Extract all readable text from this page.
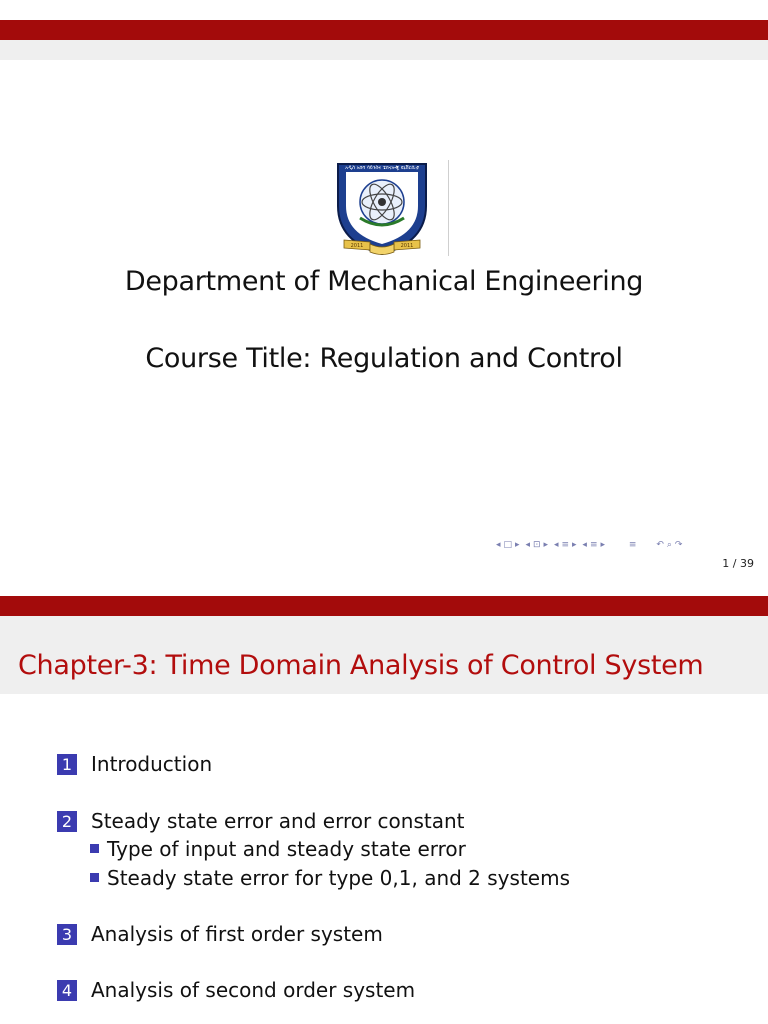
አዲስ አበባ ሳይንስና ቴክኖሎጂ ዩኒቨርሲቲ
2011	2011
Department of Mechanical Engineering
Course Title: Regulation and Control
◂ □ ▸ ◂ ⊡ ▸ ◂ ≡ ▸ ◂ ≡ ▸	≡ ↶ ⌕ ↷
1 / 39
Chapter-3: Time Domain Analysis of Control System
1 Introduction
2 Steady state error and error constant
Type of input and steady state error
Steady state error for type 0,1, and 2 systems
3 Analysis of first order system
4 Analysis of second order system
